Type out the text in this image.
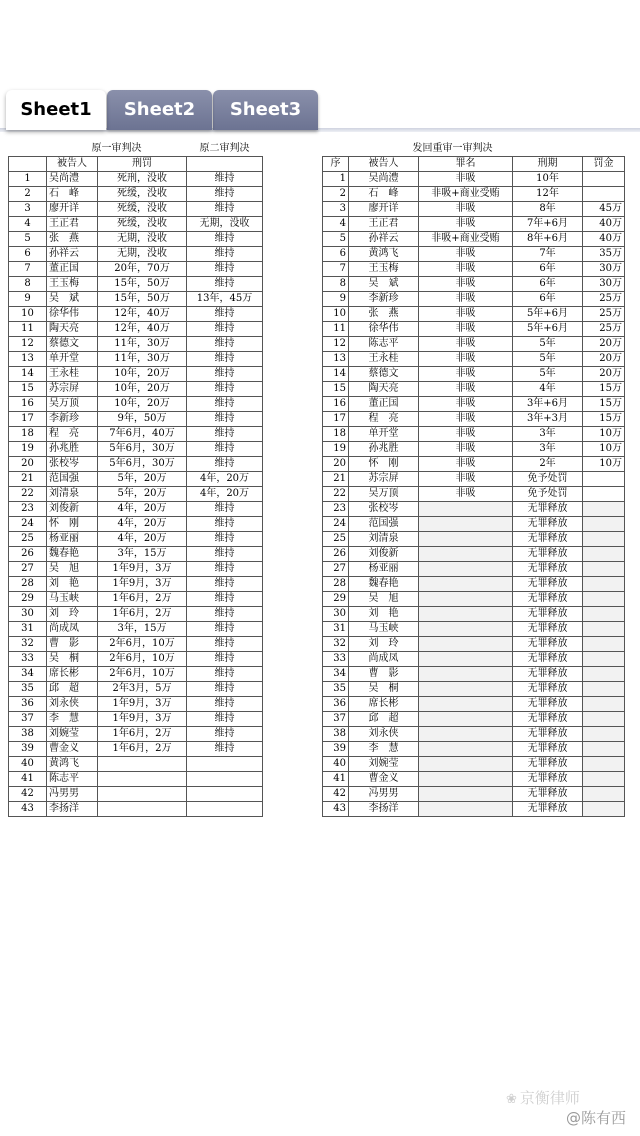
Sheet1	Sheet2	Sheet3
	原一审判决		原二审判决
	被告人	刑罚	
1	吴尚澧	死刑，没收	维持
2	石　峰	死缓，没收	维持
3	廖开详	死缓，没收	维持
4	王正君	死缓，没收	无期，没收
5	张　燕	无期，没收	维持
6	孙祥云	无期，没收	维持
7	董正国	20年，70万	维持
8	王玉梅	15年，50万	维持
9	吴　斌	15年，50万	13年，45万
10	徐华伟	12年，40万	维持
11	陶天亮	12年，40万	维持
12	蔡德文	11年，30万	维持
13	单开堂	11年，30万	维持
14	王永桂	10年，20万	维持
15	苏宗屏	10年，20万	维持
16	吴万顶	10年，20万	维持
17	李新珍	9年，50万	维持
18	程　亮	7年6月，40万	维持
19	孙兆胜	5年6月，30万	维持
20	张校岑	5年6月，30万	维持
21	范国强	5年，20万	4年，20万
22	刘清泉	5年，20万	4年，20万
23	刘俊新	4年，20万	维持
24	怀　刚	4年，20万	维持
25	杨亚丽	4年，20万	维持
26	魏春艳	3年，15万	维持
27	吴　旭	1年9月，3万	维持
28	刘　艳	1年9月，3万	维持
29	马玉峡	1年6月，2万	维持
30	刘　玲	1年6月，2万	维持
31	尚成凤	3年，15万	维持
32	曹　影	2年6月，10万	维持
33	吴　桐	2年6月，10万	维持
34	席长彬	2年6月，10万	维持
35	邱　超	2年3月，5万	维持
36	刘永侠	1年9月，3万	维持
37	李　慧	1年9月，3万	维持
38	刘婉莹	1年6月，2万	维持
39	曹金义	1年6月，2万	维持
40	黄鸿飞		
41	陈志平		
42	冯男男		
43	李扬洋		
发回重审一审判决				
序	被告人	罪名	刑期	罚金
1	吴尚澧	非吸	10年	
2	石　峰	非吸+商业受贿	12年	
3	廖开详	非吸	8年	45万
4	王正君	非吸	7年+6月	40万
5	孙祥云	非吸+商业受贿	8年+6月	40万
6	黄鸿飞	非吸	7年	35万
7	王玉梅	非吸	6年	30万
8	吴　斌	非吸	6年	30万
9	李新珍	非吸	6年	25万
10	张　燕	非吸	5年+6月	25万
11	徐华伟	非吸	5年+6月	25万
12	陈志平	非吸	5年	20万
13	王永桂	非吸	5年	20万
14	蔡德文	非吸	5年	20万
15	陶天亮	非吸	4年	15万
16	董正国	非吸	3年+6月	15万
17	程　亮	非吸	3年+3月	15万
18	单开堂	非吸	3年	10万
19	孙兆胜	非吸	3年	10万
20	怀　刚	非吸	2年	10万
21	苏宗屏	非吸	免予处罚	
22	吴万顶	非吸	免予处罚	
23	张校岑		无罪释放	
24	范国强		无罪释放	
25	刘清泉		无罪释放	
26	刘俊新		无罪释放	
27	杨亚丽		无罪释放	
28	魏春艳		无罪释放	
29	吴　旭		无罪释放	
30	刘　艳		无罪释放	
31	马玉峡		无罪释放	
32	刘　玲		无罪释放	
33	尚成凤		无罪释放	
34	曹　影		无罪释放	
35	吴　桐		无罪释放	
36	席长彬		无罪释放	
37	邱　超		无罪释放	
38	刘永侠		无罪释放	
39	李　慧		无罪释放	
40	刘婉莹		无罪释放	
41	曹金义		无罪释放	
42	冯男男		无罪释放	
43	李扬洋		无罪释放	
❀ 京衡律师
@陈有西
